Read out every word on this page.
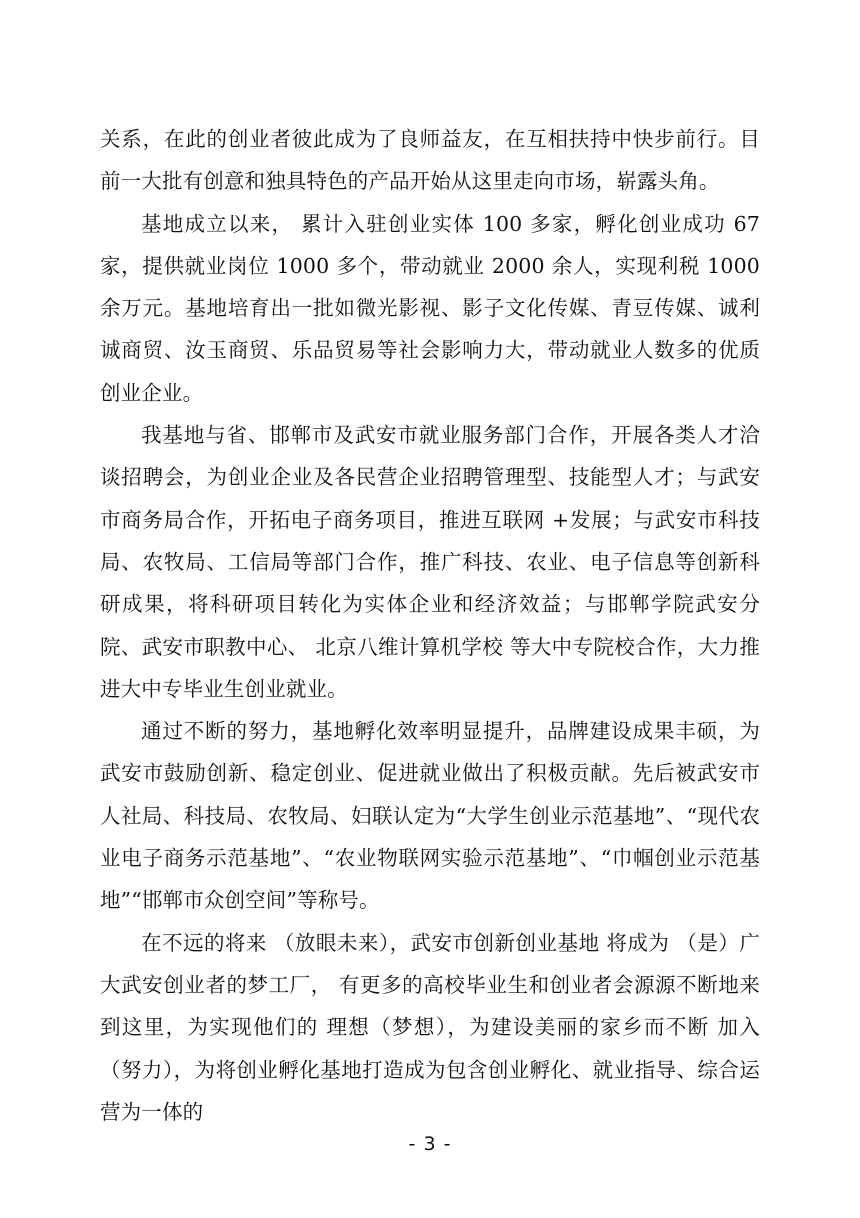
关系，在此的创业者彼此成为了良师益友，在互相扶持中快步前行。目前一大批有创意和独具特色的产品开始从这里走向市场，崭露头角。

基地成立以来， 累计入驻创业实体 100 多家，孵化创业成功 67 家，提供就业岗位 1000 多个，带动就业 2000 余人，实现利税 1000 余万元。基地培育出一批如微光影视、影子文化传媒、青豆传媒、诚利诚商贸、汝玉商贸、乐品贸易等社会影响力大，带动就业人数多的优质创业企业。

我基地与省、邯郸市及武安市就业服务部门合作，开展各类人才洽谈招聘会，为创业企业及各民营企业招聘管理型、技能型人才；与武安市商务局合作，开拓电子商务项目，推进互联网 +发展；与武安市科技局、农牧局、工信局等部门合作，推广科技、农业、电子信息等创新科研成果，将科研项目转化为实体企业和经济效益；与邯郸学院武安分院、武安市职教中心、 北京八维计算机学校 等大中专院校合作，大力推进大中专毕业生创业就业。

通过不断的努力，基地孵化效率明显提升，品牌建设成果丰硕，为武安市鼓励创新、稳定创业、促进就业做出了积极贡献。先后被武安市人社局、科技局、农牧局、妇联认定为“大学生创业示范基地”、“现代农业电子商务示范基地”、“农业物联网实验示范基地”、“巾帼创业示范基地”“邯郸市众创空间”等称号。

在不远的将来 （放眼未来），武安市创新创业基地 将成为 （是）广大武安创业者的梦工厂， 有更多的高校毕业生和创业者会源源不断地来到这里，为实现他们的 理想（梦想），为建设美丽的家乡而不断 加入（努力），为将创业孵化基地打造成为包含创业孵化、就业指导、综合运营为一体的

- 3 -
